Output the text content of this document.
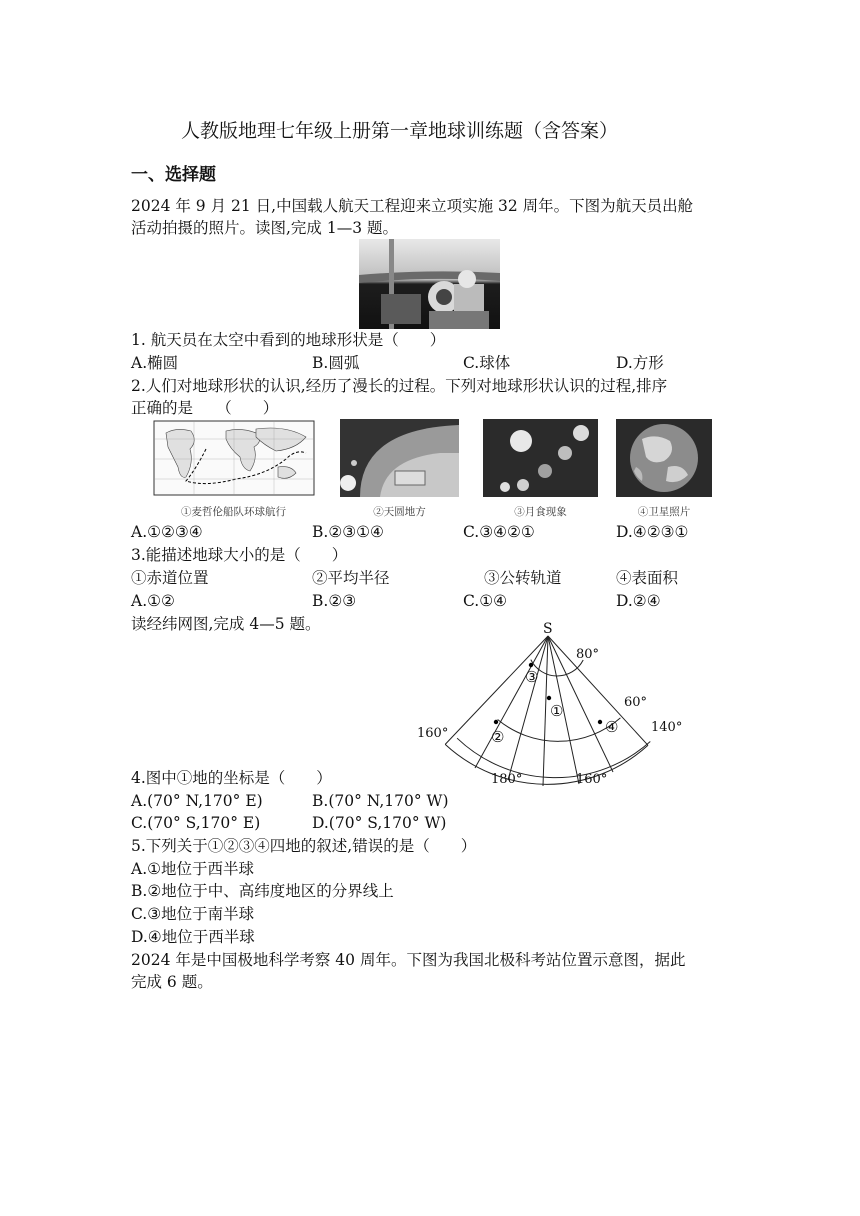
人教版地理七年级上册第一章地球训练题（含答案）
一、选择题
2024 年 9 月 21 日,中国载人航天工程迎来立项实施 32 周年。下图为航天员出舱
活动拍摄的照片。读图,完成 1—3 题。
1. 航天员在太空中看到的地球形状是（　　）
A.椭圆	B.圆弧	C.球体	D.方形
2.人们对地球形状的认识,经历了漫长的过程。下列对地球形状认识的过程,排序
正确的是　　（　　）
①麦哲伦船队环球航行	②天圆地方	③月食现象	④卫星照片
A.①②③④	B.②③①④	C.③④②①	D.④②③①
3.能描述地球大小的是（　　）
①赤道位置	②平均半径	③公转轨道	④表面积
A.①②	B.②③	C.①④	D.②④
读经纬网图,完成 4—5 题。	S
80°
60°
160°	140°
180°	160°
①
②
③
④
4.图中①地的坐标是（　　）
A.(70° N,170° E)	B.(70° N,170° W)
C.(70° S,170° E)	D.(70° S,170° W)
5.下列关于①②③④四地的叙述,错误的是（　　）
A.①地位于西半球
B.②地位于中、高纬度地区的分界线上
C.③地位于南半球
D.④地位于西半球
2024 年是中国极地科学考察 40 周年。下图为我国北极科考站位置示意图，据此
完成 6 题。
